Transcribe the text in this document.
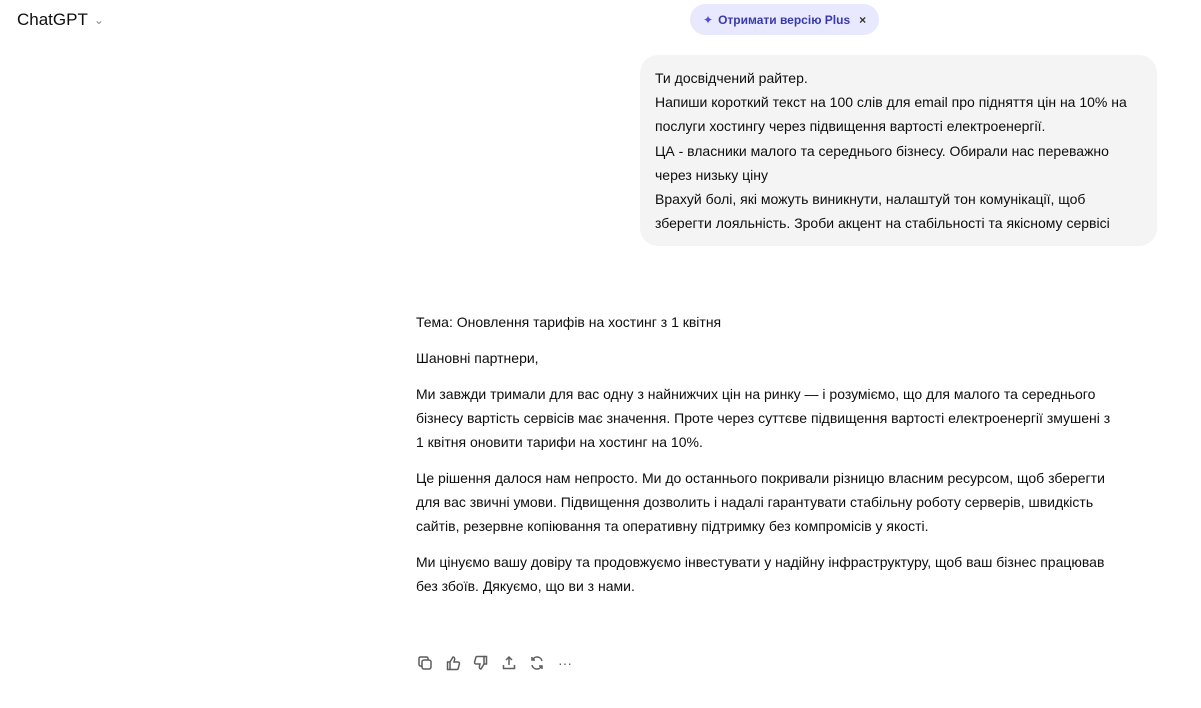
ChatGPT ⌄	✦ Отримати версію Plus ×
Ти досвідчений райтер.
Напиши короткий текст на 100 слів для email про підняття цін на 10% на послуги хостингу через підвищення вартості електроенергії.
ЦА - власники малого та середнього бізнесу. Обирали нас переважно через низьку ціну
Врахуй болі, які можуть виникнути, налаштуй тон комунікації, щоб зберегти лояльність. Зроби акцент на стабільності та якісному сервісі

Тема: Оновлення тарифів на хостинг з 1 квітня

Шановні партнери,

Ми завжди тримали для вас одну з найнижчих цін на ринку — і розуміємо, що для малого та середнього бізнесу вартість сервісів має значення. Проте через суттєве підвищення вартості електроенергії змушені з 1 квітня оновити тарифи на хостинг на 10%.

Це рішення далося нам непросто. Ми до останнього покривали різницю власним ресурсом, щоб зберегти для вас звичні умови. Підвищення дозволить і надалі гарантувати стабільну роботу серверів, швидкість сайтів, резервне копіювання та оперативну підтримку без компромісів у якості.

Ми цінуємо вашу довіру та продовжуємо інвестувати у надійну інфраструктуру, щоб ваш бізнес працював без збоїв. Дякуємо, що ви з нами.

···
